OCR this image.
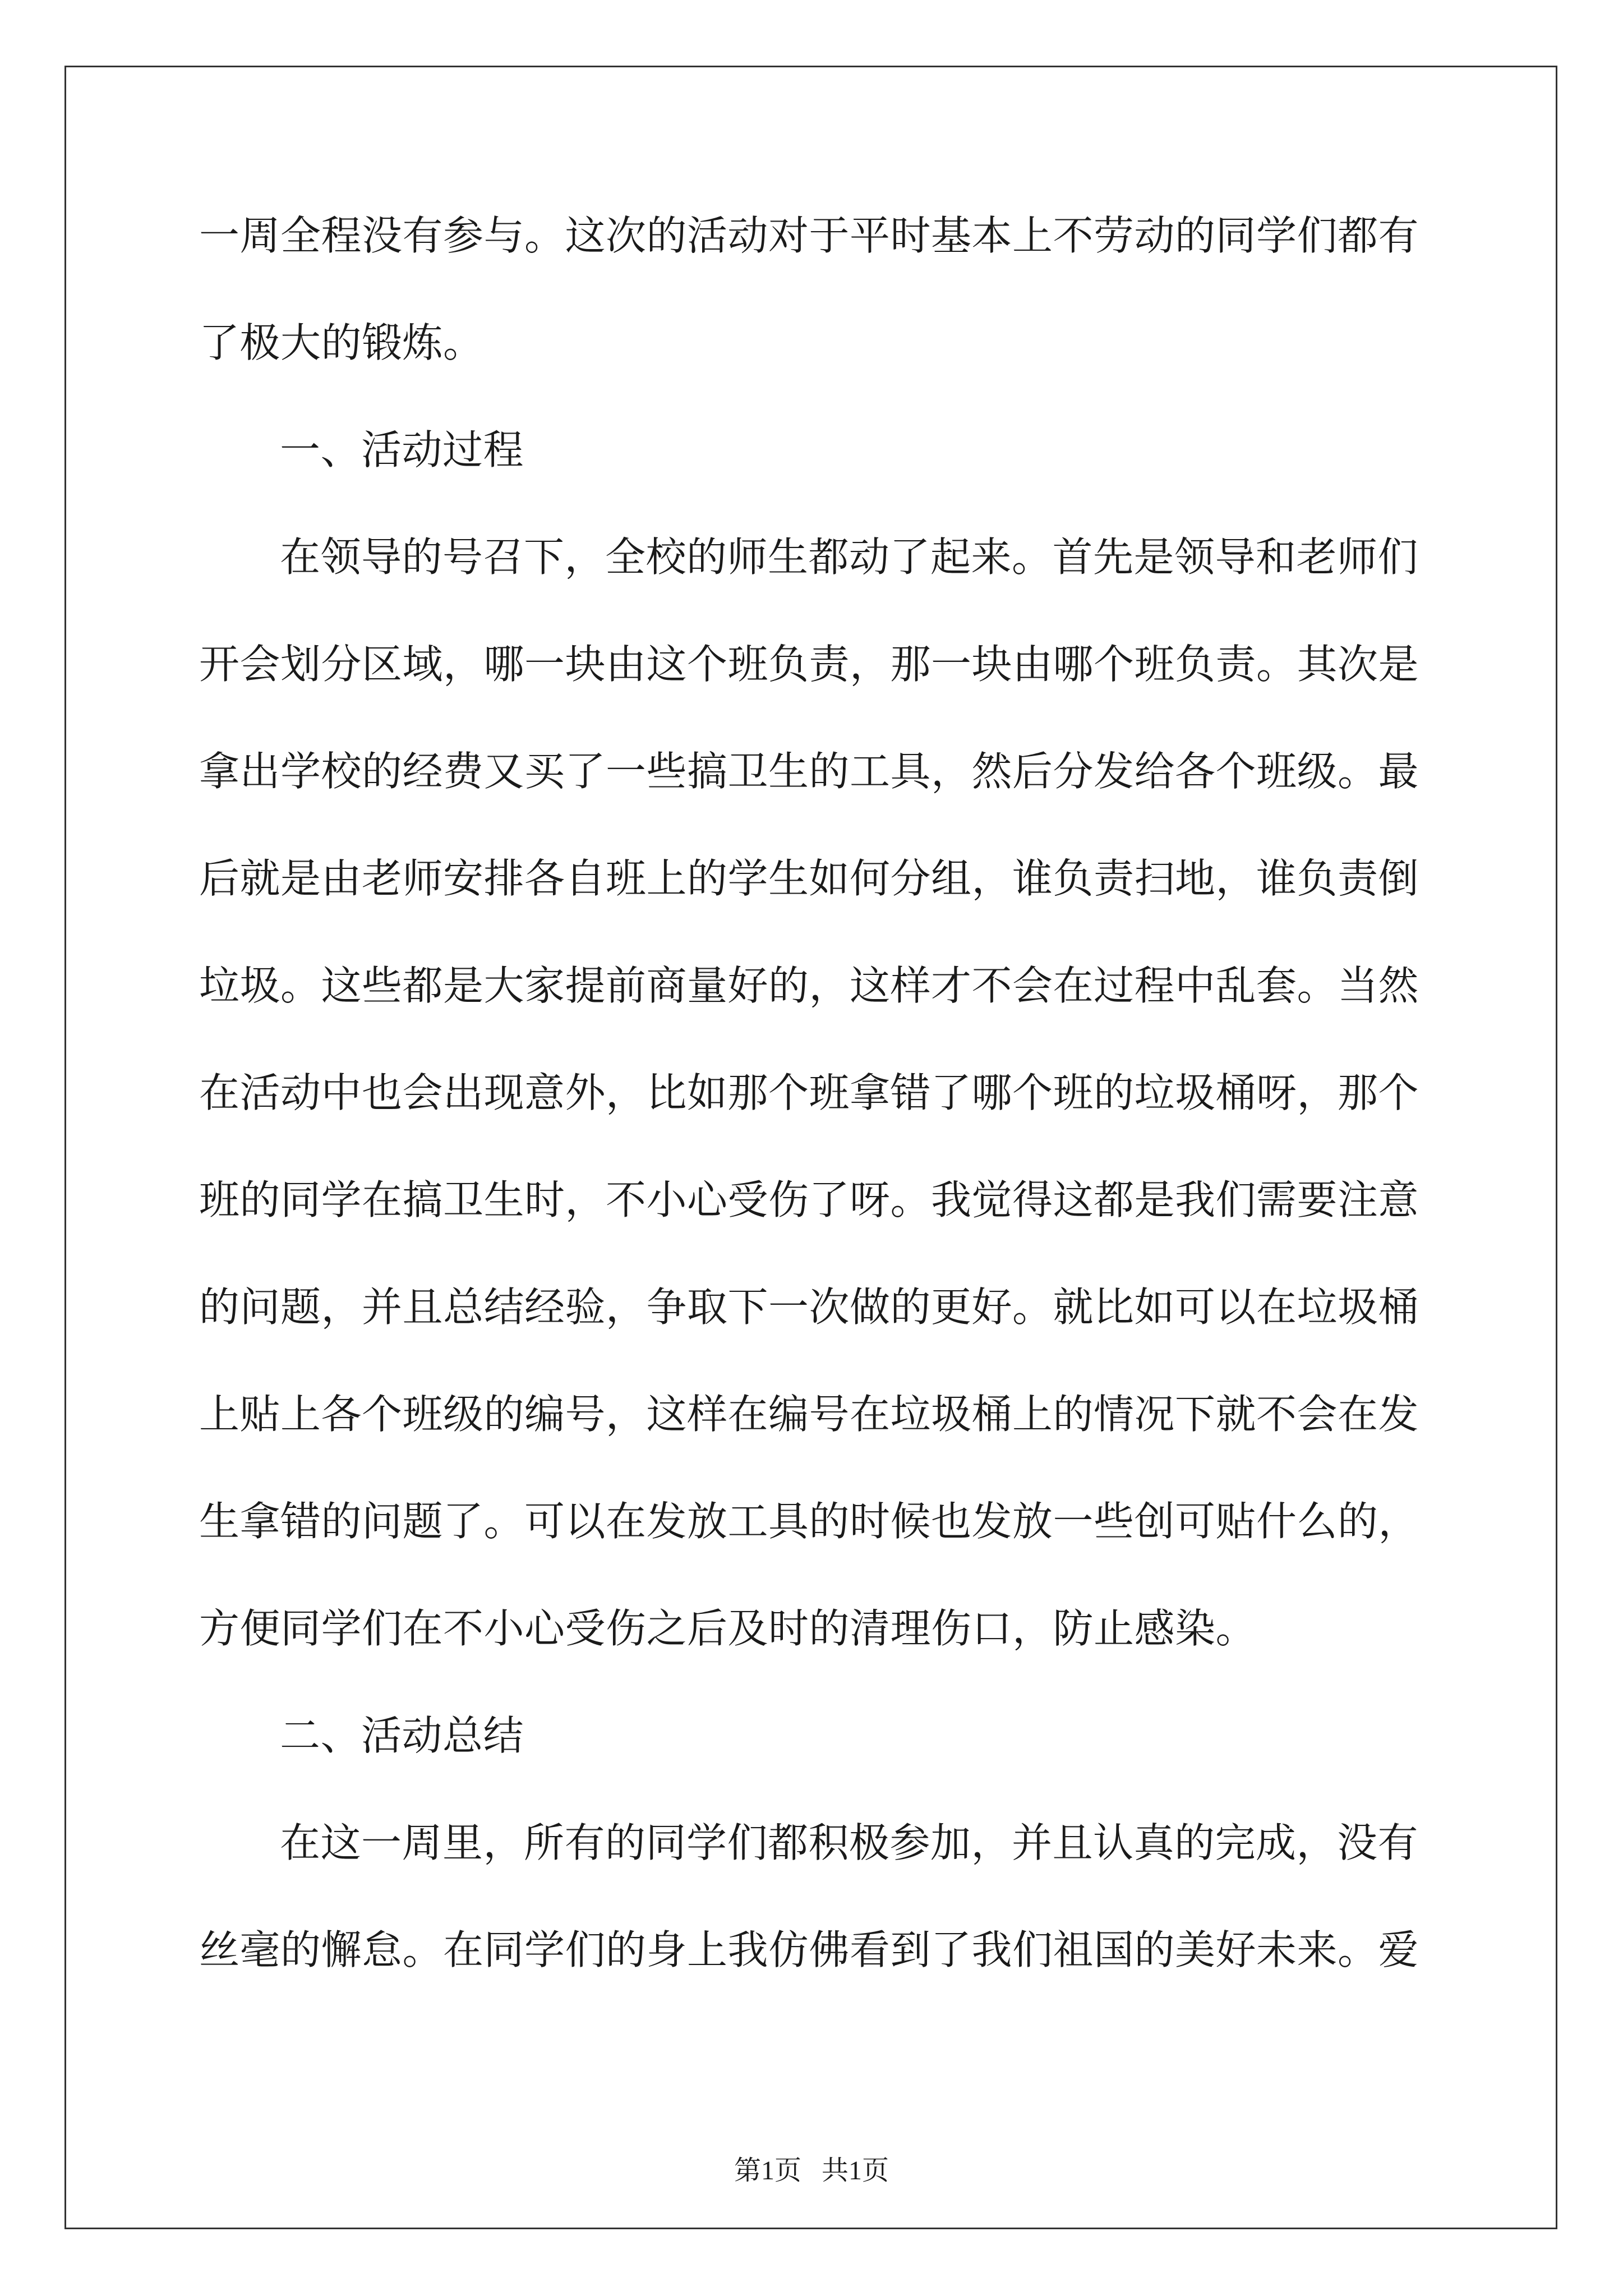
一周全程没有参与。这次的活动对于平时基本上不劳动的同学们都有
了极大的锻炼。
一、活动过程
在领导的号召下，全校的师生都动了起来。首先是领导和老师们
开会划分区域，哪一块由这个班负责，那一块由哪个班负责。其次是
拿出学校的经费又买了一些搞卫生的工具，然后分发给各个班级。最
后就是由老师安排各自班上的学生如何分组，谁负责扫地，谁负责倒
垃圾。这些都是大家提前商量好的，这样才不会在过程中乱套。当然
在活动中也会出现意外，比如那个班拿错了哪个班的垃圾桶呀，那个
班的同学在搞卫生时，不小心受伤了呀。我觉得这都是我们需要注意
的问题，并且总结经验，争取下一次做的更好。就比如可以在垃圾桶
上贴上各个班级的编号，这样在编号在垃圾桶上的情况下就不会在发
生拿错的问题了。可以在发放工具的时候也发放一些创可贴什么的，
方便同学们在不小心受伤之后及时的清理伤口，防止感染。
二、活动总结
在这一周里，所有的同学们都积极参加，并且认真的完成，没有
丝毫的懈怠。在同学们的身上我仿佛看到了我们祖国的美好未来。爱
第1页 共1页
